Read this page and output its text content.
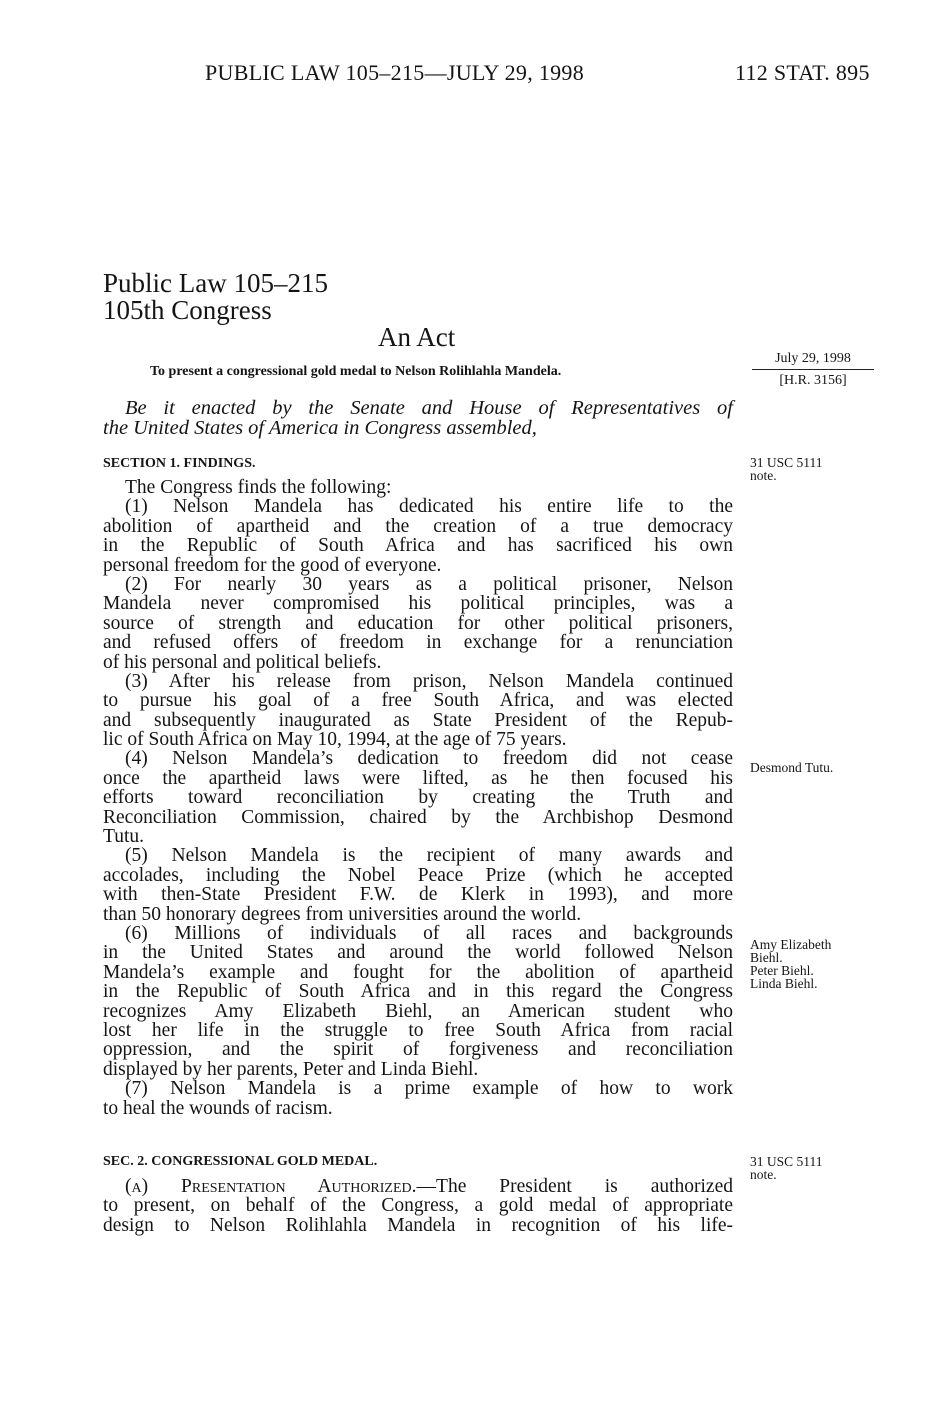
PUBLIC LAW 105–215—JULY 29, 1998	112 STAT. 895
Public Law 105–215
105th Congress
An Act
To present a congressional gold medal to Nelson Rolihlahla Mandela.
Be it enacted by the Senate and House of Representatives of
the United States of America in Congress assembled,
SECTION 1. FINDINGS.
The Congress finds the following:
(1) Nelson Mandela has dedicated his entire life to the
abolition of apartheid and the creation of a true democracy
in the Republic of South Africa and has sacrificed his own
personal freedom for the good of everyone.
(2) For nearly 30 years as a political prisoner, Nelson
Mandela never compromised his political principles, was a
source of strength and education for other political prisoners,
and refused offers of freedom in exchange for a renunciation
of his personal and political beliefs.
(3) After his release from prison, Nelson Mandela continued
to pursue his goal of a free South Africa, and was elected
and subsequently inaugurated as State President of the Repub-
lic of South Africa on May 10, 1994, at the age of 75 years.
(4) Nelson Mandela’s dedication to freedom did not cease
once the apartheid laws were lifted, as he then focused his
efforts toward reconciliation by creating the Truth and
Reconciliation Commission, chaired by the Archbishop Desmond
Tutu.
(5) Nelson Mandela is the recipient of many awards and
accolades, including the Nobel Peace Prize (which he accepted
with then-State President F.W. de Klerk in 1993), and more
than 50 honorary degrees from universities around the world.
(6) Millions of individuals of all races and backgrounds
in the United States and around the world followed Nelson
Mandela’s example and fought for the abolition of apartheid
in the Republic of South Africa and in this regard the Congress
recognizes Amy Elizabeth Biehl, an American student who
lost her life in the struggle to free South Africa from racial
oppression, and the spirit of forgiveness and reconciliation
displayed by her parents, Peter and Linda Biehl.
(7) Nelson Mandela is a prime example of how to work
to heal the wounds of racism.
SEC. 2. CONGRESSIONAL GOLD MEDAL.
(a) Presentation Authorized.—The President is authorized
to present, on behalf of the Congress, a gold medal of appropriate
design to Nelson Rolihlahla Mandela in recognition of his life-
July 29, 1998
[H.R. 3156]
31 USC 5111
note.
Desmond Tutu.
Amy Elizabeth
Biehl.
Peter Biehl.
Linda Biehl.
31 USC 5111
note.
